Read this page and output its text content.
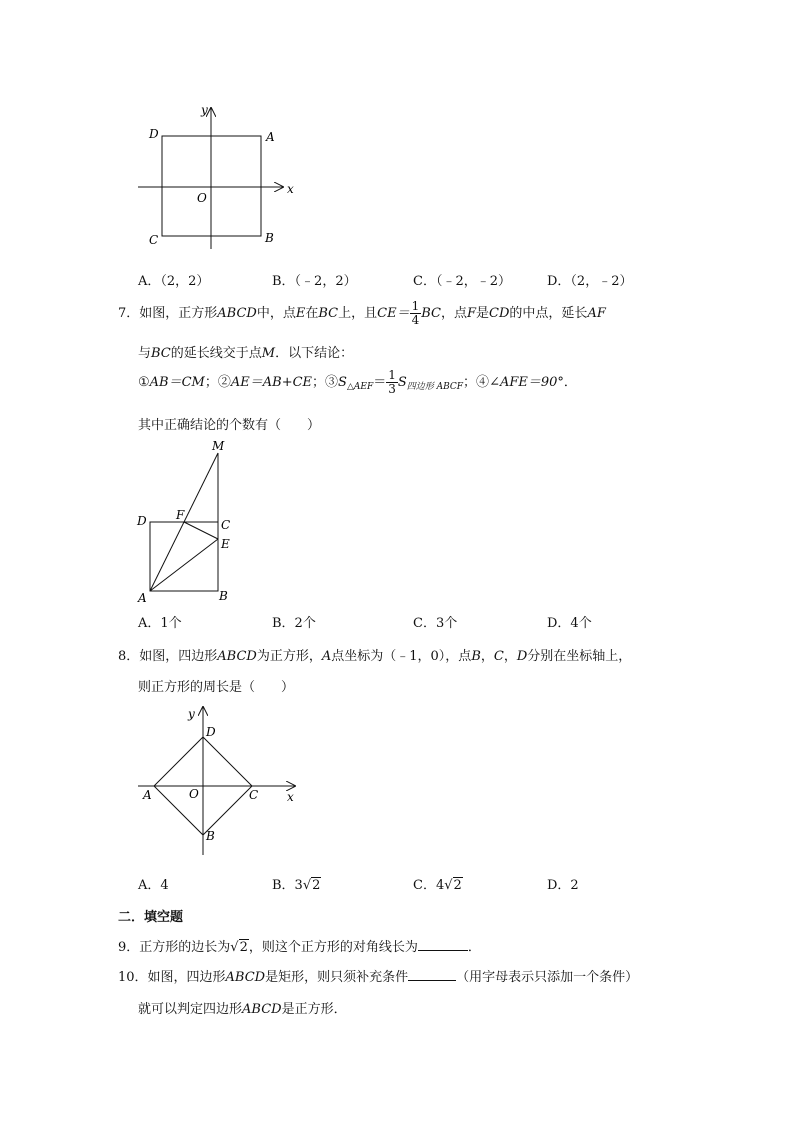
y
x
O
D	A
C	B
M
D F
C
E
A	B
y
x
D
A	O	C
B
A．（2，2）	B．（﹣2，2）	C．（﹣2，﹣2）	D．（2，﹣2）
7．如图，正方形ABCD中，点E在BC上，且$CE= \frac{1}{4}$ BC，点F是CD的中点，延长AF
与BC的延长线交于点M．以下结论：
①AB＝CM；②AE＝AB+CE；$③S_{\triangle AEF}= \frac{1}{3} S_{四边形 ABCF}$；④∠AFE＝90°．
其中正确结论的个数有（　　）
A．1个	B．2个	C．3个	D．4个
8．如图，四边形ABCD为正方形，A点坐标为（﹣1，0），点B，C，D分别在坐标轴上，
则正方形的周长是（　　）
A．4	B．3√2	C．4√2	D．2
二．填空题
9．正方形的边长为√2，则这个正方形的对角线长为	．
10．如图，四边形ABCD是矩形，则只须补充条件	（用字母表示只添加一个条件）
就可以判定四边形ABCD是正方形．
